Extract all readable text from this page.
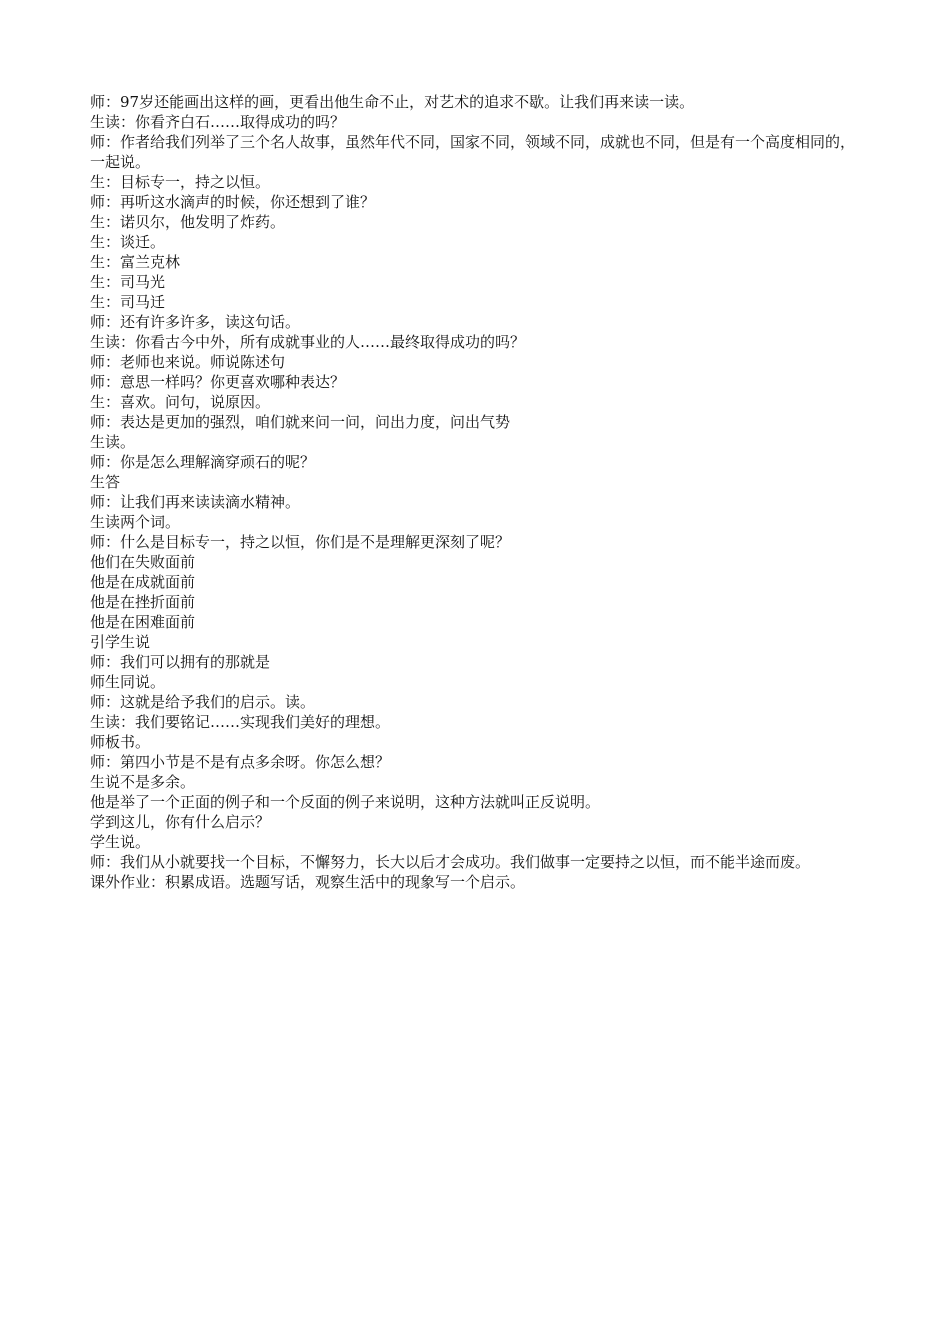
师：97岁还能画出这样的画，更看出他生命不止，对艺术的追求不歇。让我们再来读一读。

生读：你看齐白石……取得成功的吗？

师：作者给我们列举了三个名人故事，虽然年代不同，国家不同，领域不同，成就也不同，但是有一个高度相同的，一起说。

生：目标专一，持之以恒。

师：再听这水滴声的时候，你还想到了谁？

生：诺贝尔，他发明了炸药。

生：谈迁。

生：富兰克林

生：司马光

生：司马迁

师：还有许多许多，读这句话。

生读：你看古今中外，所有成就事业的人……最终取得成功的吗？

师：老师也来说。师说陈述句

师：意思一样吗？你更喜欢哪种表达？

生：喜欢。问句，说原因。

师：表达是更加的强烈，咱们就来问一问，问出力度，问出气势

生读。

师：你是怎么理解滴穿顽石的呢？

生答

师：让我们再来读读滴水精神。

生读两个词。

师：什么是目标专一，持之以恒，你们是不是理解更深刻了呢？

他们在失败面前

他是在成就面前

他是在挫折面前

他是在困难面前

引学生说

师：我们可以拥有的那就是

师生同说。

师：这就是给予我们的启示。读。

生读：我们要铭记……实现我们美好的理想。

师板书。

师：第四小节是不是有点多余呀。你怎么想？

生说不是多余。

他是举了一个正面的例子和一个反面的例子来说明，这种方法就叫正反说明。

学到这儿，你有什么启示？

学生说。

师：我们从小就要找一个目标，不懈努力，长大以后才会成功。我们做事一定要持之以恒，而不能半途而废。

课外作业：积累成语。选题写话，观察生活中的现象写一个启示。
